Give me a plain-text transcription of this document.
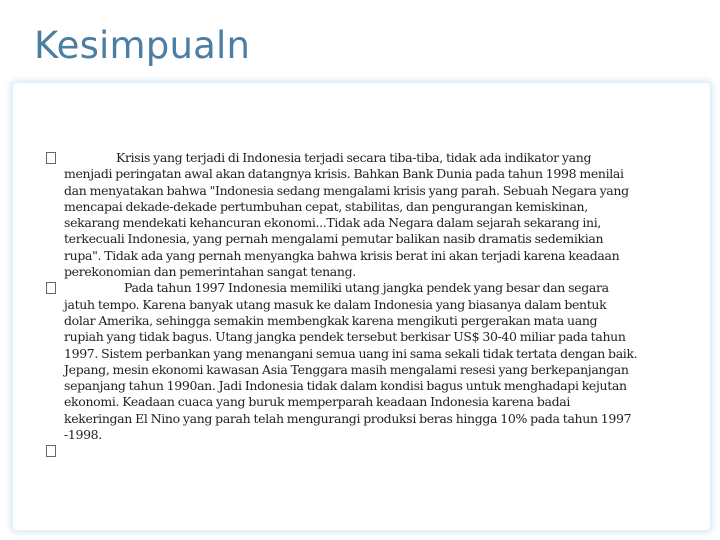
Kesimpualn

Krisis yang terjadi di Indonesia terjadi secara tiba-tiba, tidak ada indikator yang
menjadi peringatan awal akan datangnya krisis. Bahkan Bank Dunia pada tahun 1998 menilai
dan menyatakan bahwa "Indonesia sedang mengalami krisis yang parah. Sebuah Negara yang
mencapai dekade-dekade pertumbuhan cepat, stabilitas, dan pengurangan kemiskinan,
sekarang mendekati kehancuran ekonomi...Tidak ada Negara dalam sejarah sekarang ini,
terkecuali Indonesia, yang pernah mengalami pemutar balikan nasib dramatis sedemikian
rupa". Tidak ada yang pernah menyangka bahwa krisis berat ini akan terjadi karena keadaan
perekonomian dan pemerintahan sangat tenang.

Pada tahun 1997 Indonesia memiliki utang jangka pendek yang besar dan segara
jatuh tempo. Karena banyak utang masuk ke dalam Indonesia yang biasanya dalam bentuk
dolar Amerika, sehingga semakin membengkak karena mengikuti pergerakan mata uang
rupiah yang tidak bagus. Utang jangka pendek tersebut berkisar US$ 30-40 miliar pada tahun
1997. Sistem perbankan yang menangani semua uang ini sama sekali tidak tertata dengan baik.
Jepang, mesin ekonomi kawasan Asia Tenggara masih mengalami resesi yang berkepanjangan
sepanjang tahun 1990an. Jadi Indonesia tidak dalam kondisi bagus untuk menghadapi kejutan
ekonomi. Keadaan cuaca yang buruk memperparah keadaan Indonesia karena badai
kekeringan El Nino yang parah telah mengurangi produksi beras hingga 10% pada tahun 1997
-1998.
